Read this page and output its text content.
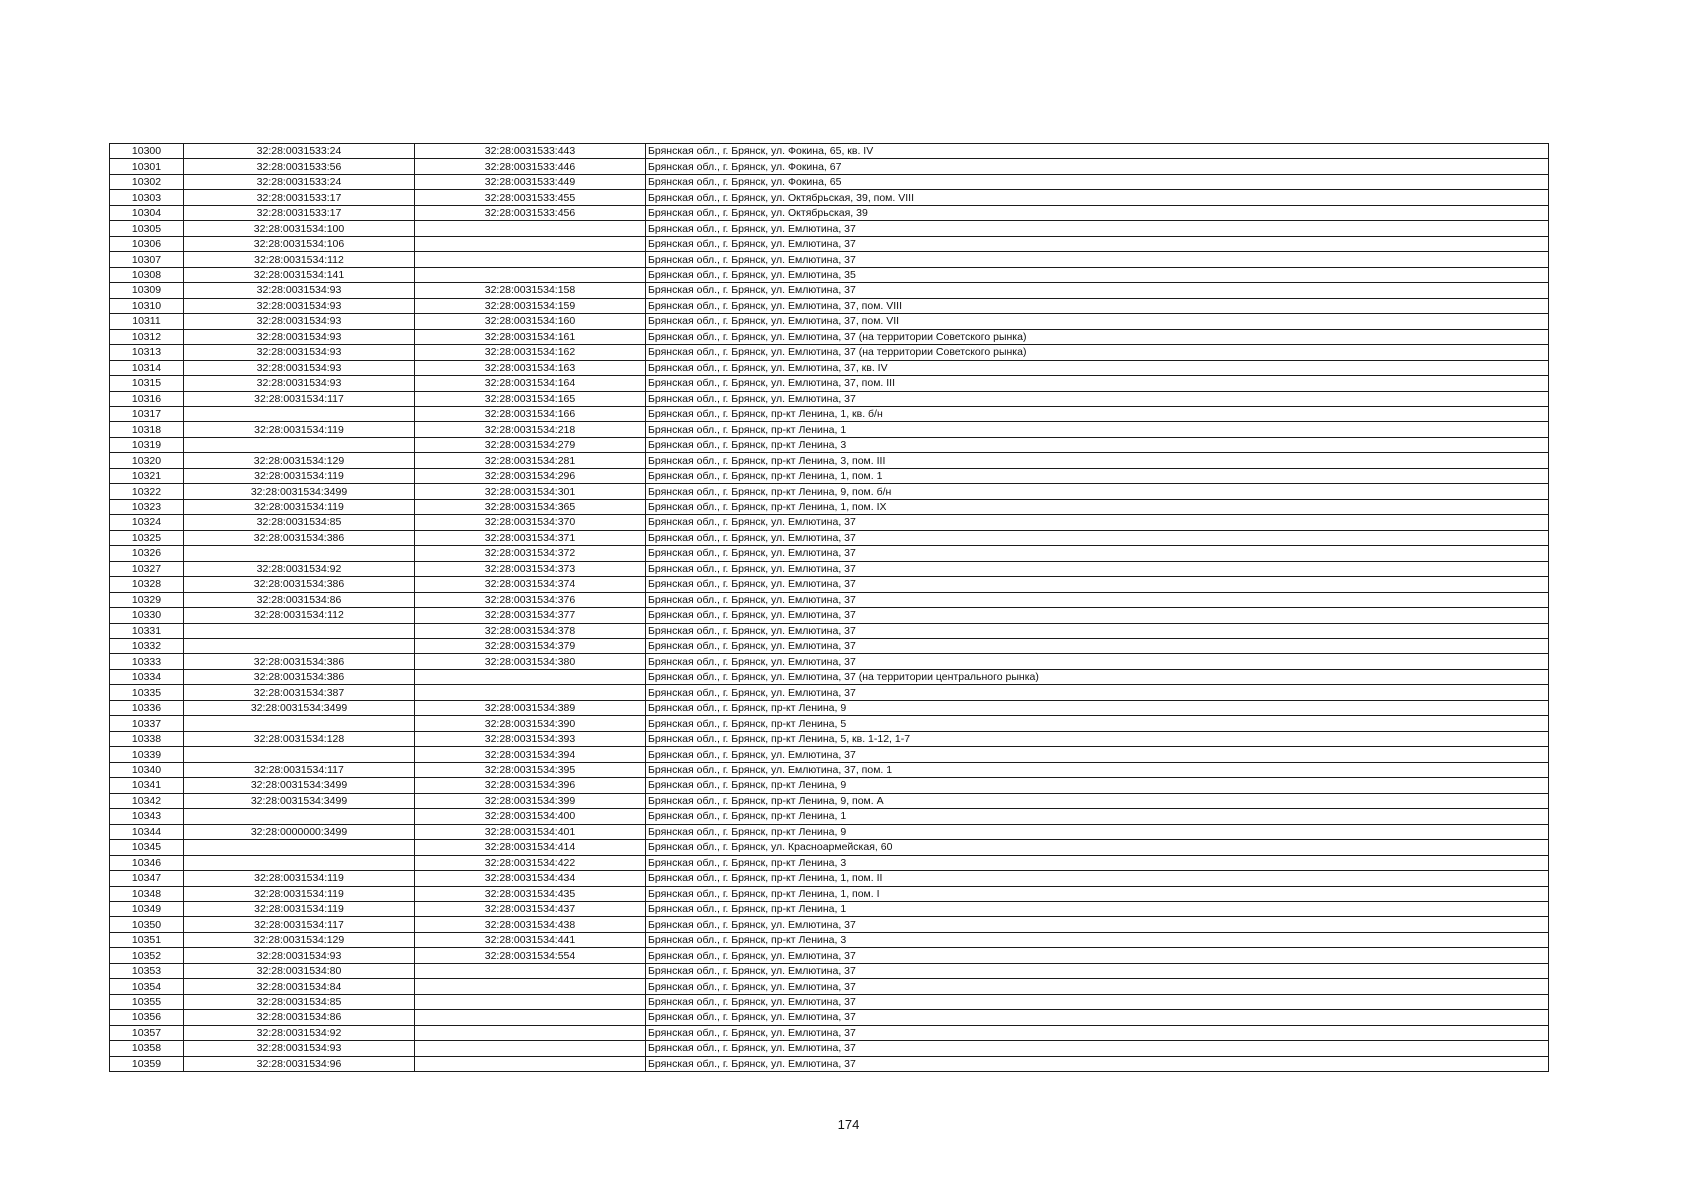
10300	32:28:0031533:24	32:28:0031533:443	Брянская обл., г. Брянск, ул. Фокина, 65, кв. IV
10301	32:28:0031533:56	32:28:0031533:446	Брянская обл., г. Брянск, ул. Фокина, 67
10302	32:28:0031533:24	32:28:0031533:449	Брянская обл., г. Брянск, ул. Фокина, 65
10303	32:28:0031533:17	32:28:0031533:455	Брянская обл., г. Брянск, ул. Октябрьская, 39, пом. VIII
10304	32:28:0031533:17	32:28:0031533:456	Брянская обл., г. Брянск, ул. Октябрьская, 39
10305	32:28:0031534:100		Брянская обл., г. Брянск, ул. Емлютина, 37
10306	32:28:0031534:106		Брянская обл., г. Брянск, ул. Емлютина, 37
10307	32:28:0031534:112		Брянская обл., г. Брянск, ул. Емлютина, 37
10308	32:28:0031534:141		Брянская обл., г. Брянск, ул. Емлютина, 35
10309	32:28:0031534:93	32:28:0031534:158	Брянская обл., г. Брянск, ул. Емлютина, 37
10310	32:28:0031534:93	32:28:0031534:159	Брянская обл., г. Брянск, ул. Емлютина, 37, пом. VIII
10311	32:28:0031534:93	32:28:0031534:160	Брянская обл., г. Брянск, ул. Емлютина, 37, пом. VII
10312	32:28:0031534:93	32:28:0031534:161	Брянская обл., г. Брянск, ул. Емлютина, 37 (на территории Советского рынка)
10313	32:28:0031534:93	32:28:0031534:162	Брянская обл., г. Брянск, ул. Емлютина, 37 (на территории Советского рынка)
10314	32:28:0031534:93	32:28:0031534:163	Брянская обл., г. Брянск, ул. Емлютина, 37, кв. IV
10315	32:28:0031534:93	32:28:0031534:164	Брянская обл., г. Брянск, ул. Емлютина, 37, пом. III
10316	32:28:0031534:117	32:28:0031534:165	Брянская обл., г. Брянск, ул. Емлютина, 37
10317		32:28:0031534:166	Брянская обл., г. Брянск, пр-кт Ленина, 1, кв. б/н
10318	32:28:0031534:119	32:28:0031534:218	Брянская обл., г. Брянск, пр-кт Ленина, 1
10319		32:28:0031534:279	Брянская обл., г. Брянск, пр-кт Ленина, 3
10320	32:28:0031534:129	32:28:0031534:281	Брянская обл., г. Брянск, пр-кт Ленина, 3, пом. III
10321	32:28:0031534:119	32:28:0031534:296	Брянская обл., г. Брянск, пр-кт Ленина, 1, пом. 1
10322	32:28:0031534:3499	32:28:0031534:301	Брянская обл., г. Брянск, пр-кт Ленина, 9, пом. б/н
10323	32:28:0031534:119	32:28:0031534:365	Брянская обл., г. Брянск, пр-кт Ленина, 1, пом. IX
10324	32:28:0031534:85	32:28:0031534:370	Брянская обл., г. Брянск, ул. Емлютина, 37
10325	32:28:0031534:386	32:28:0031534:371	Брянская обл., г. Брянск, ул. Емлютина, 37
10326		32:28:0031534:372	Брянская обл., г. Брянск, ул. Емлютина, 37
10327	32:28:0031534:92	32:28:0031534:373	Брянская обл., г. Брянск, ул. Емлютина, 37
10328	32:28:0031534:386	32:28:0031534:374	Брянская обл., г. Брянск, ул. Емлютина, 37
10329	32:28:0031534:86	32:28:0031534:376	Брянская обл., г. Брянск, ул. Емлютина, 37
10330	32:28:0031534:112	32:28:0031534:377	Брянская обл., г. Брянск, ул. Емлютина, 37
10331		32:28:0031534:378	Брянская обл., г. Брянск, ул. Емлютина, 37
10332		32:28:0031534:379	Брянская обл., г. Брянск, ул. Емлютина, 37
10333	32:28:0031534:386	32:28:0031534:380	Брянская обл., г. Брянск, ул. Емлютина, 37
10334	32:28:0031534:386		Брянская обл., г. Брянск, ул. Емлютина, 37 (на территории центрального рынка)
10335	32:28:0031534:387		Брянская обл., г. Брянск, ул. Емлютина, 37
10336	32:28:0031534:3499	32:28:0031534:389	Брянская обл., г. Брянск, пр-кт Ленина, 9
10337		32:28:0031534:390	Брянская обл., г. Брянск, пр-кт Ленина, 5
10338	32:28:0031534:128	32:28:0031534:393	Брянская обл., г. Брянск, пр-кт Ленина, 5, кв. 1-12, 1-7
10339		32:28:0031534:394	Брянская обл., г. Брянск, ул. Емлютина, 37
10340	32:28:0031534:117	32:28:0031534:395	Брянская обл., г. Брянск, ул. Емлютина, 37, пом. 1
10341	32:28:0031534:3499	32:28:0031534:396	Брянская обл., г. Брянск, пр-кт Ленина, 9
10342	32:28:0031534:3499	32:28:0031534:399	Брянская обл., г. Брянск, пр-кт Ленина, 9, пом. А
10343		32:28:0031534:400	Брянская обл., г. Брянск, пр-кт Ленина, 1
10344	32:28:0000000:3499	32:28:0031534:401	Брянская обл., г. Брянск, пр-кт Ленина, 9
10345		32:28:0031534:414	Брянская обл., г. Брянск, ул. Красноармейская, 60
10346		32:28:0031534:422	Брянская обл., г. Брянск, пр-кт Ленина, 3
10347	32:28:0031534:119	32:28:0031534:434	Брянская обл., г. Брянск, пр-кт Ленина, 1, пом. II
10348	32:28:0031534:119	32:28:0031534:435	Брянская обл., г. Брянск, пр-кт Ленина, 1, пом. I
10349	32:28:0031534:119	32:28:0031534:437	Брянская обл., г. Брянск, пр-кт Ленина, 1
10350	32:28:0031534:117	32:28:0031534:438	Брянская обл., г. Брянск, ул. Емлютина, 37
10351	32:28:0031534:129	32:28:0031534:441	Брянская обл., г. Брянск, пр-кт Ленина, 3
10352	32:28:0031534:93	32:28:0031534:554	Брянская обл., г. Брянск, ул. Емлютина, 37
10353	32:28:0031534:80		Брянская обл., г. Брянск, ул. Емлютина, 37
10354	32:28:0031534:84		Брянская обл., г. Брянск, ул. Емлютина, 37
10355	32:28:0031534:85		Брянская обл., г. Брянск, ул. Емлютина, 37
10356	32:28:0031534:86		Брянская обл., г. Брянск, ул. Емлютина, 37
10357	32:28:0031534:92		Брянская обл., г. Брянск, ул. Емлютина, 37
10358	32:28:0031534:93		Брянская обл., г. Брянск, ул. Емлютина, 37
10359	32:28:0031534:96		Брянская обл., г. Брянск, ул. Емлютина, 37
174
